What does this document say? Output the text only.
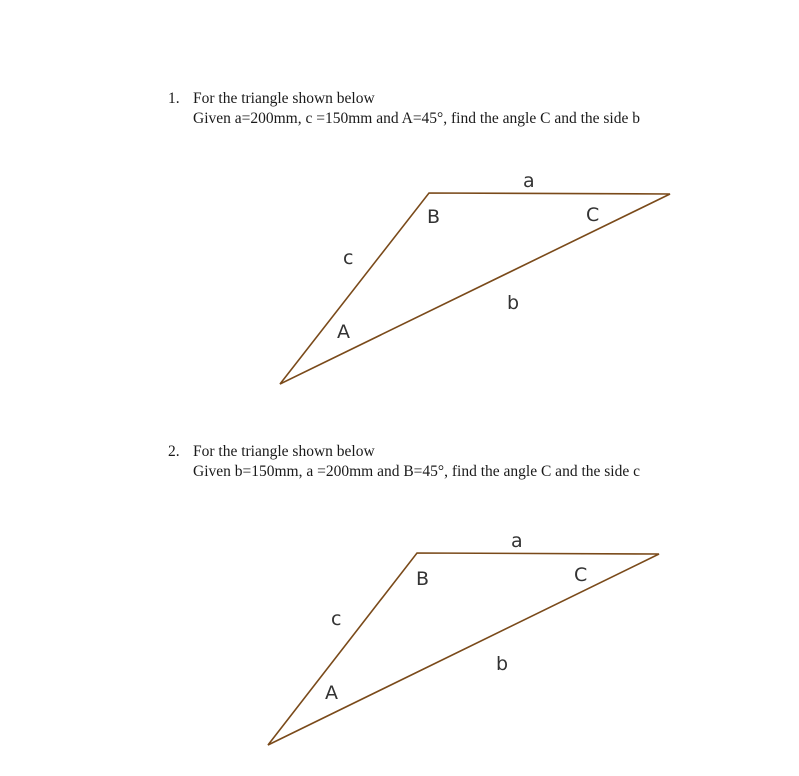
1. For the triangle shown below
Given a=200mm, c =150mm and A=45°, find the angle C and the side b
a
B	C
c
b
A
2. For the triangle shown below
Given b=150mm, a =200mm and B=45°, find the angle C and the side c
a
B	C
c
b
A
